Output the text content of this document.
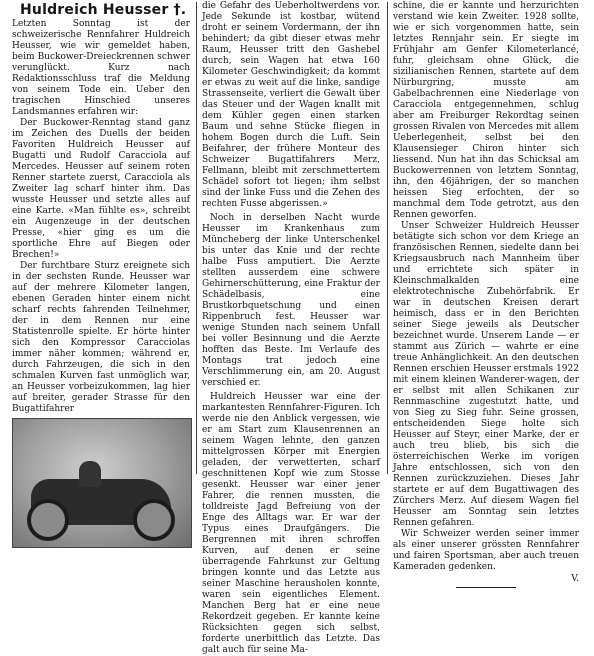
Huldreich Heusser †.

Letzten Sonntag ist der schweizerische Rennfahrer Huldreich Heusser, wie wir gemeldet haben, beim Buckower-Dreieckrennen schwer verunglückt. Kurz nach Redaktionsschluss traf die Meldung von seinem Tode ein. Ueber den tragischen Hinschied unseres Landsmannes erfahren wir:

Der Buckower-Renntag stand ganz im Zeichen des Duells der beiden Favoriten Huldreich Heusser auf Bugatti und Rudolf Caracciola auf Mercedes. Heusser auf seinem roten Renner startete zuerst, Caracciola als Zweiter lag scharf hinter ihm. Das wusste Heusser und setzte alles auf eine Karte. «Man fühlte es», schreibt ein Augenzeuge in der deutschen Presse, «hier ging es um die sportliche Ehre auf Biegen oder Brechen!»

Der furchtbare Sturz ereignete sich in der sechsten Runde. Heusser war auf der mehrere Kilometer langen, ebenen Geraden hinter einem nicht scharf rechts fahrenden Teilnehmer, der in dem Rennen nur eine Statistenrolle spielte. Er hörte hinter sich den Kompressor Caracciolas immer näher kommen; während er, durch Fahrzeugen, die sich in den schmalen Kurven fast unmöglich war, an Heusser vorbeizukommen, lag hier auf breiter, gerader Strasse für den Bugattifahrer

die Gefahr des Ueberholtwerdens vor. Jede Sekunde ist kostbar, wütend droht er seinem Vordermann, der ihn behindert; da gibt dieser etwas mehr Raum, Heusser tritt den Gashebel durch, sein Wagen hat etwa 160 Kilometer Geschwindigkeit; da kommt er etwas zu weit auf die linke, sandige Strassenseite, verliert die Gewalt über das Steuer und der Wagen knallt mit dem Kühler gegen einen starken Baum und sehne Stücke fliegen in hohem Bogen durch die Luft. Sein Beifahrer, der frühere Monteur des Schweizer Bugattifahrers Merz, Fellmann, bleibt mit zerschmettertem Schädel sofort tot liegen; ihm selbst sind der linke Fuss und die Zehen des rechten Fusse abgerissen.»

Noch in derselben Nacht wurde Heusser im Krankenhaus zum Müncheberg der linke Unterschenkel bis unter das Knie und der rechte halbe Fuss amputiert. Die Aerzte stellten ausserdem eine schwere Gehirnerschütterung, eine Fraktur der Schädelbasis, eine Brustkorbquetschung und einen Rippenbruch fest. Heusser war wenige Stunden nach seinem Unfall bei voller Besinnung und die Aerzte hofften das Beste. Im Verlaufe des Montags trat jedoch eine Verschlimmerung ein, am 20. August verschied er.

Huldreich Heusser war eine der markantesten Rennfahrer-Figuren. Ich werde nie den Anblick vergessen, wie er am Start zum Klausenrennen an seinem Wagen lehnte, den ganzen mittelgrossen Körper mit Energien geladen, der verwetterten, scharf geschnittenen Kopf wie zum Stosse gesenkt. Heusser war einer jener Fahrer, die rennen mussten, die tolldreiste Jagd Befreiung von der Enge des Alltags war. Er war der Typus eines Draufgängers. Die Bergrennen mit ihren schroffen Kurven, auf denen er seine überragende Fahrkunst zur Geltung bringen konnte und das Letzte aus seiner Maschine herausholen konnte, waren sein eigentliches Element. Manchen Berg hat er eine neue Rekordzeit gegeben. Er kannte keine Rücksichten gegen sich selbst, forderte unerbittlich das Letzte. Das galt auch für seine Ma-

schine, die er kannte und herzurichten verstand wie kein Zweiter. 1928 sollte, wie er sich vorgenommen hatte, sein letztes Rennjahr sein. Er siegte im Frühjahr am Genfer Kilometerlancé, fuhr, gleichsam ohne Glück, die sizilianischen Rennen, startete auf dem Nürburgring, musste am Gabelbachrennen eine Niederlage von Caracciola entgegennehmen, schlug aber am Freiburger Rekordtag seinen grossen Rivalen von Mercedes mit allem Ueberlegenheit, selbst bei den Klausensieger Chiron hinter sich liessend. Nun hat ihn das Schicksal am Buckowerrennen von letztem Sonntag, ihn, den 46jährigen, der so manchen heissen Sieg erfochten, der so manchmal dem Tode getrotzt, aus den Rennen geworfen.

Unser Schweizer Huldreich Heusser betätigte sich schon vor dem Kriege an französischen Rennen, siedelte dann bei Kriegsausbruch nach Mannheim über und errichtete sich später in Kleinschmalkalden eine elektrotechnische Zubehörfabrik. Er war in deutschen Kreisen derart heimisch, dass er in den Berichten seiner Siege jeweils als Deutscher bezeichnet wurde. Unserem Lande — er stammt aus Zürich — wahrte er eine treue Anhänglichkeit. An den deutschen Rennen erschien Heusser erstmals 1922 mit einem kleinen Wanderer-wagen, der er selbst mit allen Schikanen zur Rennmaschine zugestutzt hatte, und von Sieg zu Sieg fuhr. Seine grossen, entscheidenden Siege holte sich Heusser auf Steyr, einer Marke, der er auch treu blieb, bis sich die österreichischen Werke im vorigen Jahre entschlossen, sich von den Rennen zurückzuziehen. Dieses Jahr startete er auf dem Bugattiwagen des Zürchers Merz. Auf diesem Wagen fiel Heusser am Sonntag sein letztes Rennen gefahren.

Wir Schweizer werden seiner immer als einer unserer grössten Rennfahrer und fairen Sportsman, aber auch treuen Kameraden gedenken.

V.
